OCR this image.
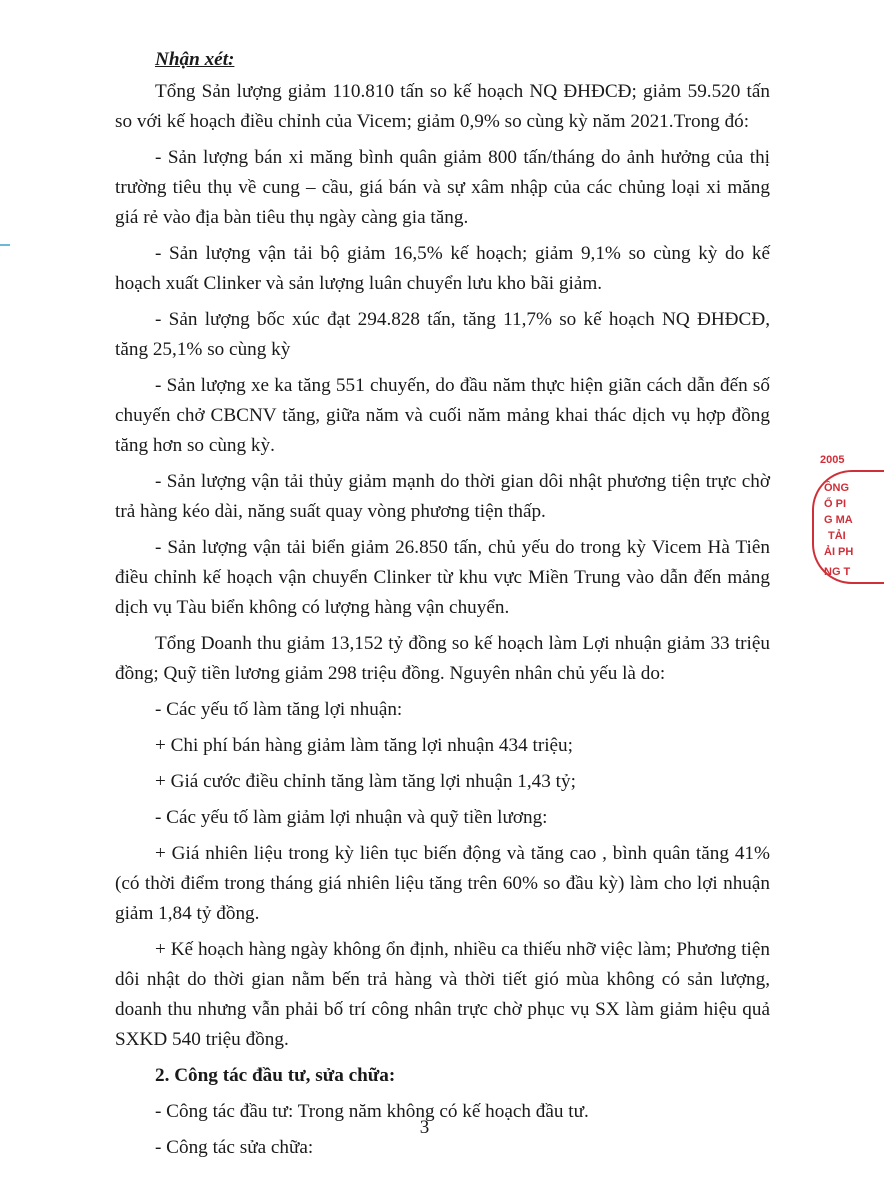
Nhận xét:

Tổng Sản lượng giảm 110.810 tấn so kế hoạch NQ ĐHĐCĐ; giảm 59.520 tấn so với kế hoạch điều chỉnh của Vicem; giảm 0,9% so cùng kỳ năm 2021.Trong đó:

- Sản lượng bán xi măng bình quân giảm 800 tấn/tháng do ảnh hưởng của thị trường tiêu thụ về cung – cầu, giá bán và sự xâm nhập của các chủng loại xi măng giá rẻ vào địa bàn tiêu thụ ngày càng gia tăng.

- Sản lượng vận tải bộ giảm 16,5% kế hoạch; giảm 9,1% so cùng kỳ do kế hoạch xuất Clinker và sản lượng luân chuyển lưu kho bãi giảm.

- Sản lượng bốc xúc đạt 294.828 tấn, tăng 11,7% so kế hoạch NQ ĐHĐCĐ, tăng 25,1% so cùng kỳ

- Sản lượng xe ka tăng 551 chuyến, do đầu năm thực hiện giãn cách dẫn đến số chuyến chở CBCNV tăng, giữa năm và cuối năm mảng khai thác dịch vụ hợp đồng tăng hơn so cùng kỳ.

- Sản lượng vận tải thủy giảm mạnh do thời gian dôi nhật phương tiện trực chờ trả hàng kéo dài, năng suất quay vòng phương tiện thấp.

- Sản lượng vận tải biển giảm 26.850 tấn, chủ yếu do trong kỳ Vicem Hà Tiên điều chỉnh kế hoạch vận chuyển Clinker từ khu vực Miền Trung vào dẫn đến mảng dịch vụ Tàu biển không có lượng hàng vận chuyển.

Tổng Doanh thu giảm 13,152 tỷ đồng so kế hoạch làm Lợi nhuận giảm 33 triệu đồng; Quỹ tiền lương giảm 298 triệu đồng. Nguyên nhân chủ yếu là do:

- Các yếu tố làm tăng lợi nhuận:

+ Chi phí bán hàng giảm làm tăng lợi nhuận 434 triệu;

+ Giá cước điều chỉnh tăng làm tăng lợi nhuận 1,43 tỷ;

- Các yếu tố làm giảm lợi nhuận và quỹ tiền lương:

+ Giá nhiên liệu trong kỳ liên tục biến động và tăng cao , bình quân tăng 41% (có thời điểm trong tháng giá nhiên liệu tăng trên 60% so đầu kỳ) làm cho lợi nhuận giảm 1,84 tỷ đồng.

+ Kế hoạch hàng ngày không ổn định, nhiều ca thiếu nhỡ việc làm; Phương tiện dôi nhật do thời gian nằm bến trả hàng và thời tiết gió mùa không có sản lượng, doanh thu nhưng vẫn phải bố trí công nhân trực chờ phục vụ SX làm giảm hiệu quả SXKD 540 triệu đồng.

2. Công tác đầu tư, sửa chữa:

- Công tác đầu tư: Trong năm không có kế hoạch đầu tư.

- Công tác sửa chữa:

3
2005
ÔNG
Ổ PI
G MA
TẢI
ẢI PH
NG T
